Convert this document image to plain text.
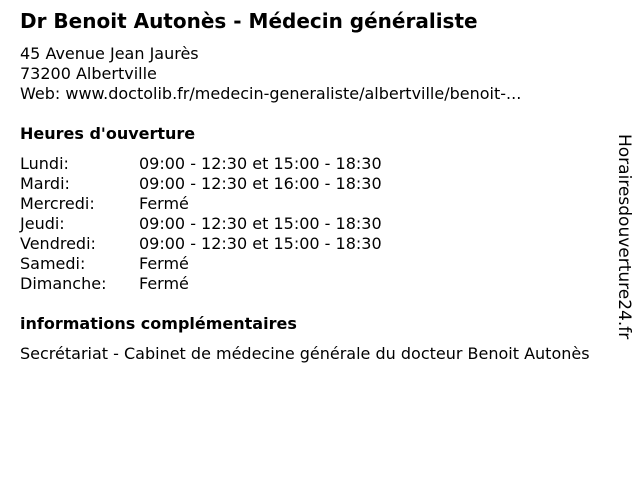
Dr Benoit Autonès - Médecin généraliste
45 Avenue Jean Jaurès
73200 Albertville
Web: www.doctolib.fr/medecin-generaliste/albertville/benoit-...
Heures d'ouverture
Lundi:	09:00 - 12:30 et 15:00 - 18:30
Mardi:	09:00 - 12:30 et 16:00 - 18:30
Mercredi:	Fermé
Jeudi:	09:00 - 12:30 et 15:00 - 18:30
Vendredi:	09:00 - 12:30 et 15:00 - 18:30
Samedi:	Fermé
Dimanche: Fermé
informations complémentaires
Secrétariat - Cabinet de médecine générale du docteur Benoit Autonès
Horairesdouverture24.fr
